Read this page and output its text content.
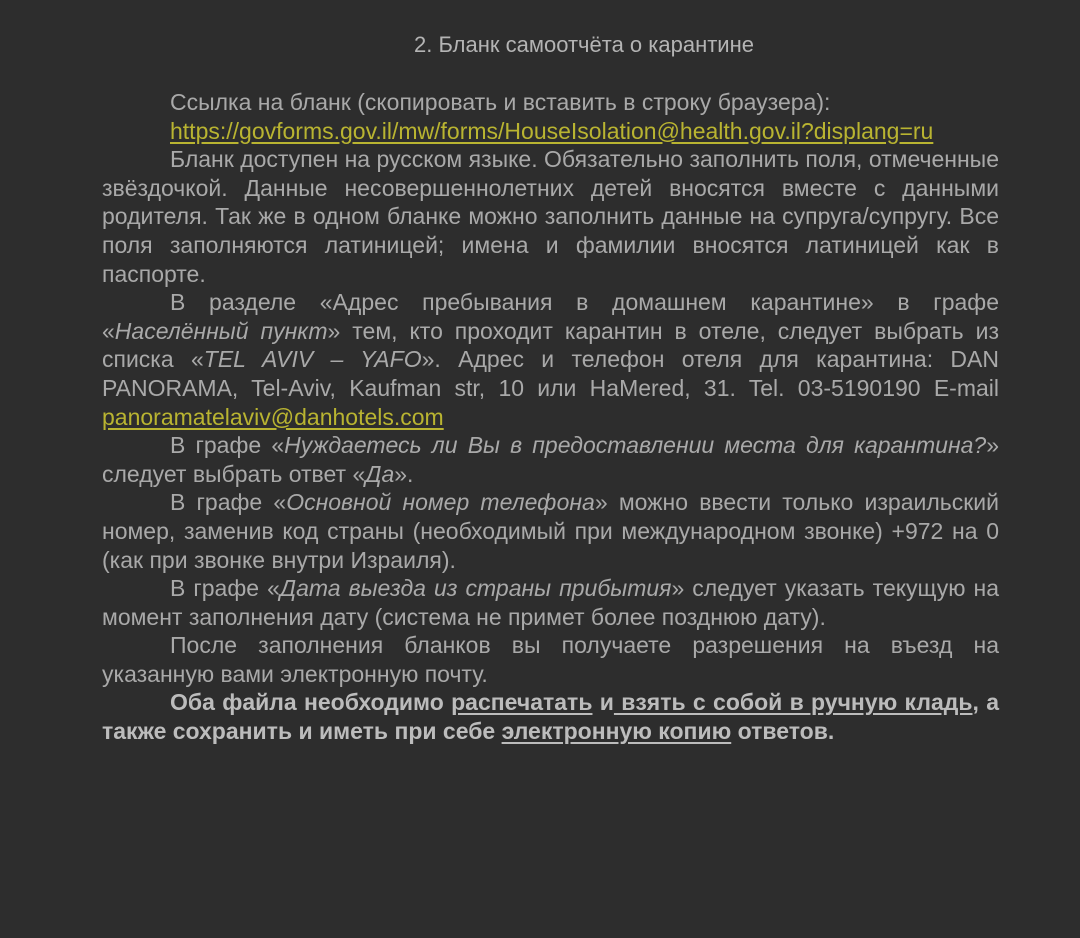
2. Бланк самоотчёта о карантине

Ссылка на бланк (скопировать и вставить в строку браузера):

https://govforms.gov.il/mw/forms/HouseIsolation@health.gov.il?displang=ru

Бланк доступен на русском языке. Обязательно заполнить поля, отмеченные звёздочкой. Данные несовершеннолетних детей вносятся вместе с данными родителя. Так же в одном бланке можно заполнить данные на супруга/супругу. Все поля заполняются латиницей; имена и фамилии вносятся латиницей как в паспорте.

В разделе «Адрес пребывания в домашнем карантине» в графе «Населённый пункт» тем, кто проходит карантин в отеле, следует выбрать из списка «TEL AVIV – YAFO». Адрес и телефон отеля для карантина: DAN PANORAMA, Tel-Aviv, Kaufman str, 10 или HaMered, 31. Tel. 03-5190190 E-mail panoramatelaviv@danhotels.com

В графе «Нуждаетесь ли Вы в предоставлении места для карантина?» следует выбрать ответ «Да».

В графе «Основной номер телефона» можно ввести только израильский номер, заменив код страны (необходимый при международном звонке) +972 на 0 (как при звонке внутри Израиля).

В графе «Дата выезда из страны прибытия» следует указать текущую на момент заполнения дату (система не примет более позднюю дату).

После заполнения бланков вы получаете разрешения на въезд на указанную вами электронную почту.

Оба файла необходимо распечатать и взять с собой в ручную кладь, а также сохранить и иметь при себе электронную копию ответов.
